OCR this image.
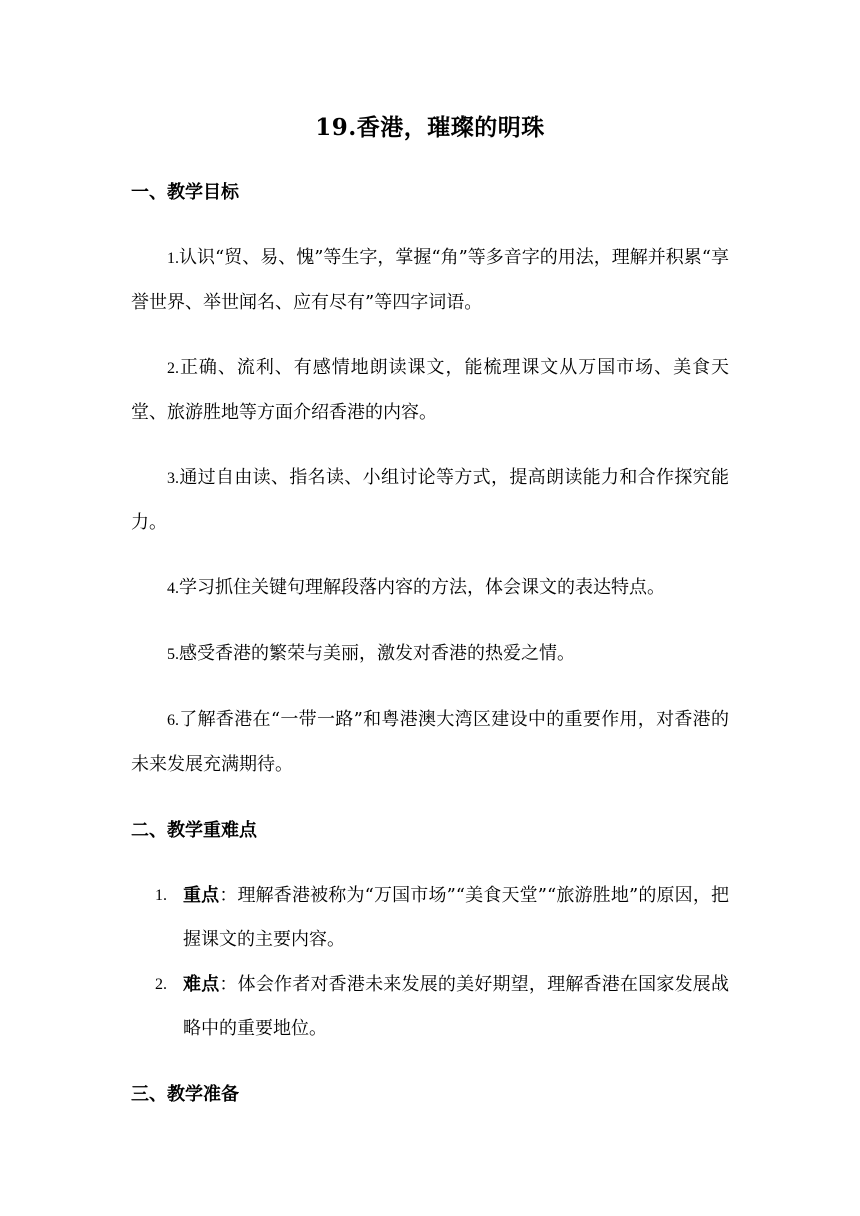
19.香港，璀璨的明珠
一、教学目标
1.认识“贸、易、愧”等生字，掌握“角”等多音字的用法，理解并积累“享誉世界、举世闻名、应有尽有”等四字词语。
2.正确、流利、有感情地朗读课文，能梳理课文从万国市场、美食天堂、旅游胜地等方面介绍香港的内容。
3.通过自由读、指名读、小组讨论等方式，提高朗读能力和合作探究能力。
4.学习抓住关键句理解段落内容的方法，体会课文的表达特点。
5.感受香港的繁荣与美丽，激发对香港的热爱之情。
6.了解香港在“一带一路”和粤港澳大湾区建设中的重要作用，对香港的未来发展充满期待。
二、教学重难点
1. 重点：理解香港被称为“万国市场”“美食天堂”“旅游胜地”的原因，把握课文的主要内容。
2. 难点：体会作者对香港未来发展的美好期望，理解香港在国家发展战略中的重要地位。
三、教学准备
